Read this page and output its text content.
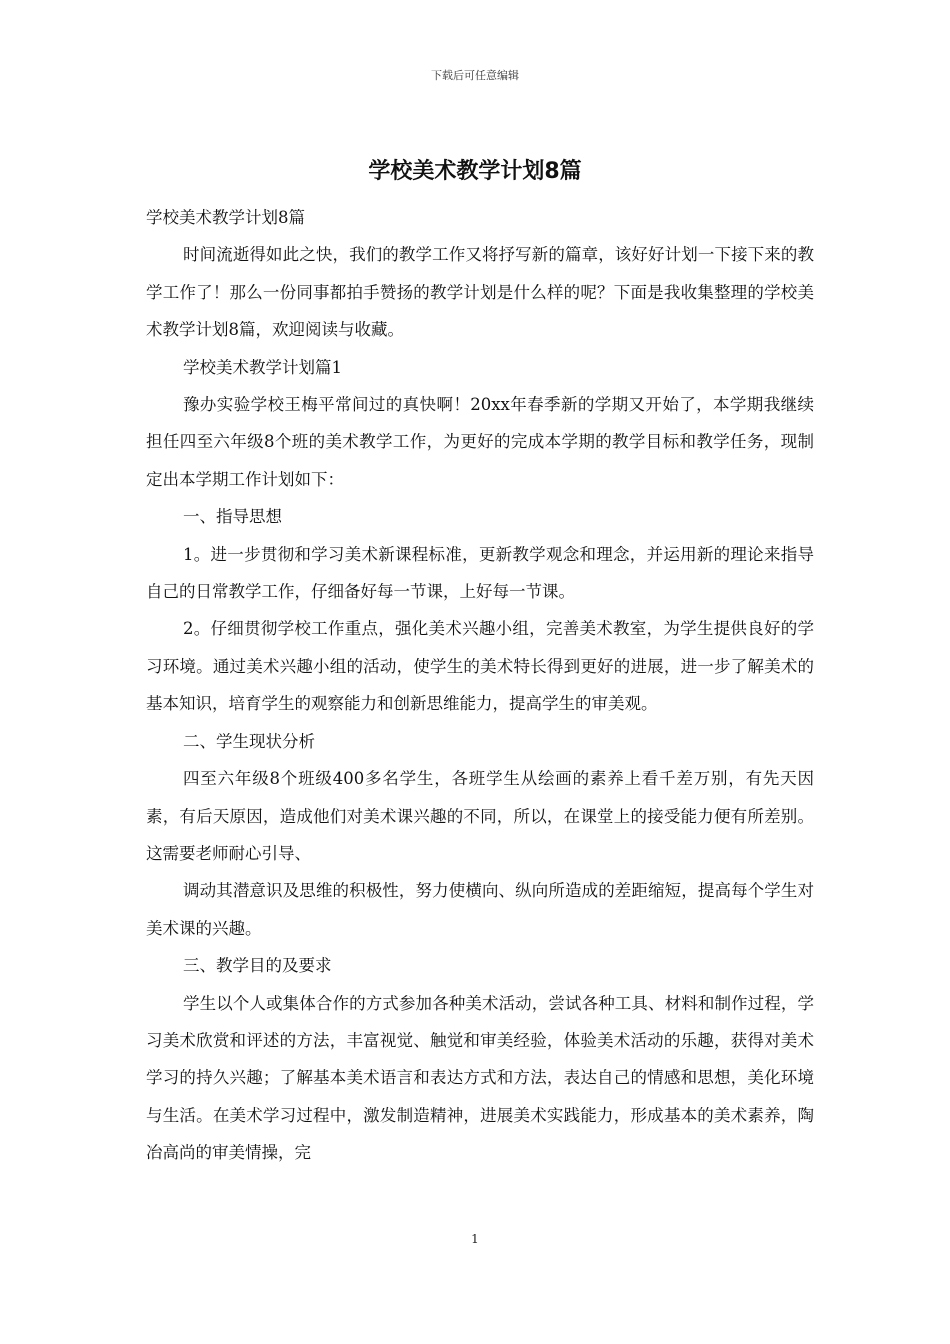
下载后可任意编辑
学校美术教学计划8篇

学校美术教学计划8篇

时间流逝得如此之快，我们的教学工作又将抒写新的篇章，该好好计划一下接下来的教学工作了！那么一份同事都拍手赞扬的教学计划是什么样的呢？下面是我收集整理的学校美术教学计划8篇，欢迎阅读与收藏。

学校美术教学计划篇1

豫办实验学校王梅平常间过的真快啊！20xx年春季新的学期又开始了，本学期我继续担任四至六年级8个班的美术教学工作，为更好的完成本学期的教学目标和教学任务，现制定出本学期工作计划如下：

一、指导思想

1。进一步贯彻和学习美术新课程标准，更新教学观念和理念，并运用新的理论来指导自己的日常教学工作，仔细备好每一节课，上好每一节课。

2。仔细贯彻学校工作重点，强化美术兴趣小组，完善美术教室，为学生提供良好的学习环境。通过美术兴趣小组的活动，使学生的美术特长得到更好的进展，进一步了解美术的基本知识，培育学生的观察能力和创新思维能力，提高学生的审美观。

二、学生现状分析

四至六年级8个班级400多名学生，各班学生从绘画的素养上看千差万别，有先天因素，有后天原因，造成他们对美术课兴趣的不同，所以，在课堂上的接受能力便有所差别。这需要老师耐心引导、

调动其潜意识及思维的积极性，努力使横向、纵向所造成的差距缩短，提高每个学生对美术课的兴趣。

三、教学目的及要求

学生以个人或集体合作的方式参加各种美术活动，尝试各种工具、材料和制作过程，学习美术欣赏和评述的方法，丰富视觉、触觉和审美经验，体验美术活动的乐趣，获得对美术学习的持久兴趣；了解基本美术语言和表达方式和方法，表达自己的情感和思想，美化环境与生活。在美术学习过程中，激发制造精神，进展美术实践能力，形成基本的美术素养，陶冶高尚的审美情操，完

1
